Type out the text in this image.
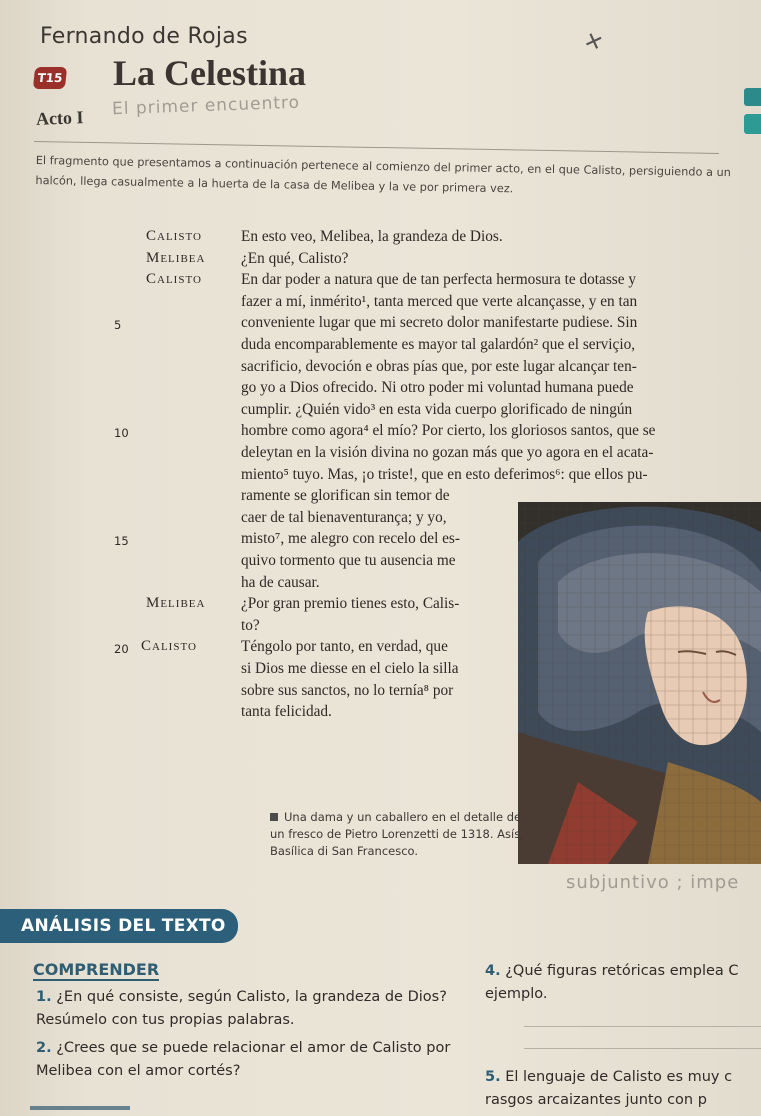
Fernando de Rojas	✕
T15 La Celestina
Acto I El primer encuentro
El fragmento que presentamos a continuación pertenece al comienzo del primer acto, en el que Calisto, persiguiendo a un halcón, llega casualmente a la huerta de la casa de Melibea y la ve por primera vez.
Calisto	En esto veo, Melibea, la grandeza de Dios.
Melibea ¿En qué, Calisto?
Calisto	En dar poder a natura que de tan perfecta hermosura te dotasse y
fazer a mí, inmérito¹, tanta merced que verte alcançasse, y en tan
5	conveniente lugar que mi secreto dolor manifestarte pudiese. Sin
duda encomparablemente es mayor tal galardón² que el serviçio,
sacrificio, devoción e obras pías que, por este lugar alcançar ten-
go yo a Dios ofrecido. Ni otro poder mi voluntad humana puede
cumplir. ¿Quién vido³ en esta vida cuerpo glorificado de ningún
10	hombre como agora⁴ el mío? Por cierto, los gloriosos santos, que se
deleytan en la visión divina no gozan más que yo agora en el acata-
miento⁵ tuyo. Mas, ¡o triste!, que en esto deferimos⁶: que ellos pu-
ramente se glorifican sin temor de
caer de tal bienaventurança; y yo,
15	misto⁷, me alegro con recelo del es-
quivo tormento que tu ausencia me
ha de causar.
Melibea ¿Por gran premio tienes esto, Calis-
to?
20 Calisto	Téngolo por tanto, en verdad, que
si Dios me diesse en el cielo la silla
sobre sus sanctos, no lo ternía⁸ por
tanta felicidad.
Una dama y un caballero en el detalle de un fresco de Pietro Lorenzetti de 1318. Asís, Basílica di San Francesco.
subjuntivo ; impe
ANÁLISIS DEL TEXTO
COMPRENDER
1. ¿En qué consiste, según Calisto, la grandeza de Dios? Resúmelo con tus propias palabras.
2. ¿Crees que se puede relacionar el amor de Calisto por Melibea con el amor cortés?
4. ¿Qué figuras retóricas emplea C ejemplo.
5. El lenguaje de Calisto es muy c rasgos arcaizantes junto con p
